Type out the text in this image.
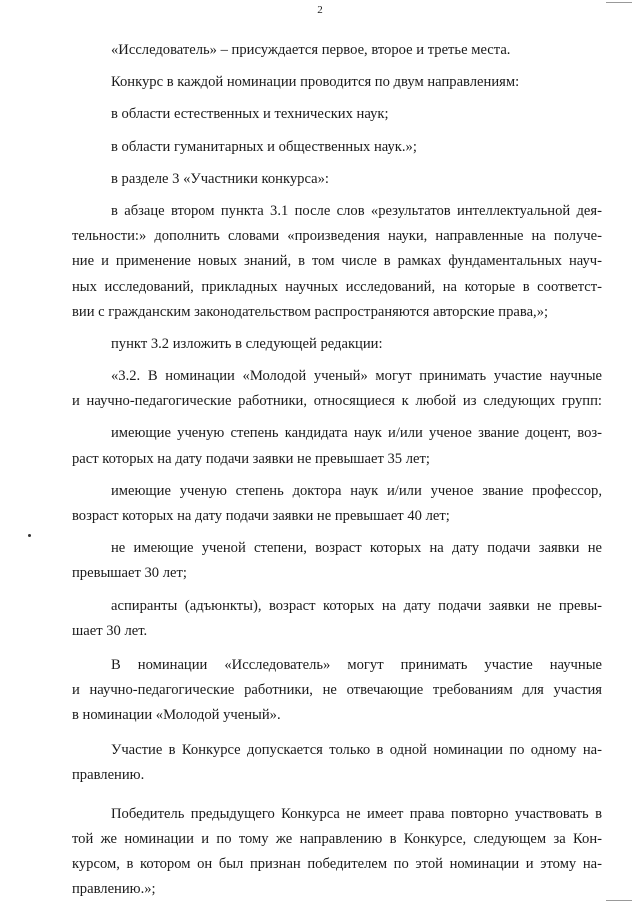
2
«Исследователь» – присуждается первое, второе и третье места.
Конкурс в каждой номинации проводится по двум направлениям:
в области естественных и технических наук;
в области гуманитарных и общественных наук.»;
в разделе 3 «Участники конкурса»:
в абзаце втором пункта 3.1 после слов «результатов интеллектуальной дея-
тельности:» дополнить словами «произведения науки, направленные на получе-
ние и применение новых знаний, в том числе в рамках фундаментальных науч-
ных исследований, прикладных научных исследований, на которые в соответст-
вии с гражданским законодательством распространяются авторские права,»;
пункт 3.2 изложить в следующей редакции:
«3.2. В номинации «Молодой ученый» могут принимать участие научные
и научно-педагогические работники, относящиеся к любой из следующих групп:
имеющие ученую степень кандидата наук и/или ученое звание доцент, воз-
раст которых на дату подачи заявки не превышает 35 лет;
имеющие ученую степень доктора наук и/или ученое звание профессор,
возраст которых на дату подачи заявки не превышает 40 лет;
не имеющие ученой степени, возраст которых на дату подачи заявки не
превышает 30 лет;
аспиранты (адъюнкты), возраст которых на дату подачи заявки не превы-
шает 30 лет.
В номинации «Исследователь» могут принимать участие научные
и научно-педагогические работники, не отвечающие требованиям для участия
в номинации «Молодой ученый».
Участие в Конкурсе допускается только в одной номинации по одному на-
правлению.
Победитель предыдущего Конкурса не имеет права повторно участвовать в
той же номинации и по тому же направлению в Конкурсе, следующем за Кон-
курсом, в котором он был признан победителем по этой номинации и этому на-
правлению.»;
